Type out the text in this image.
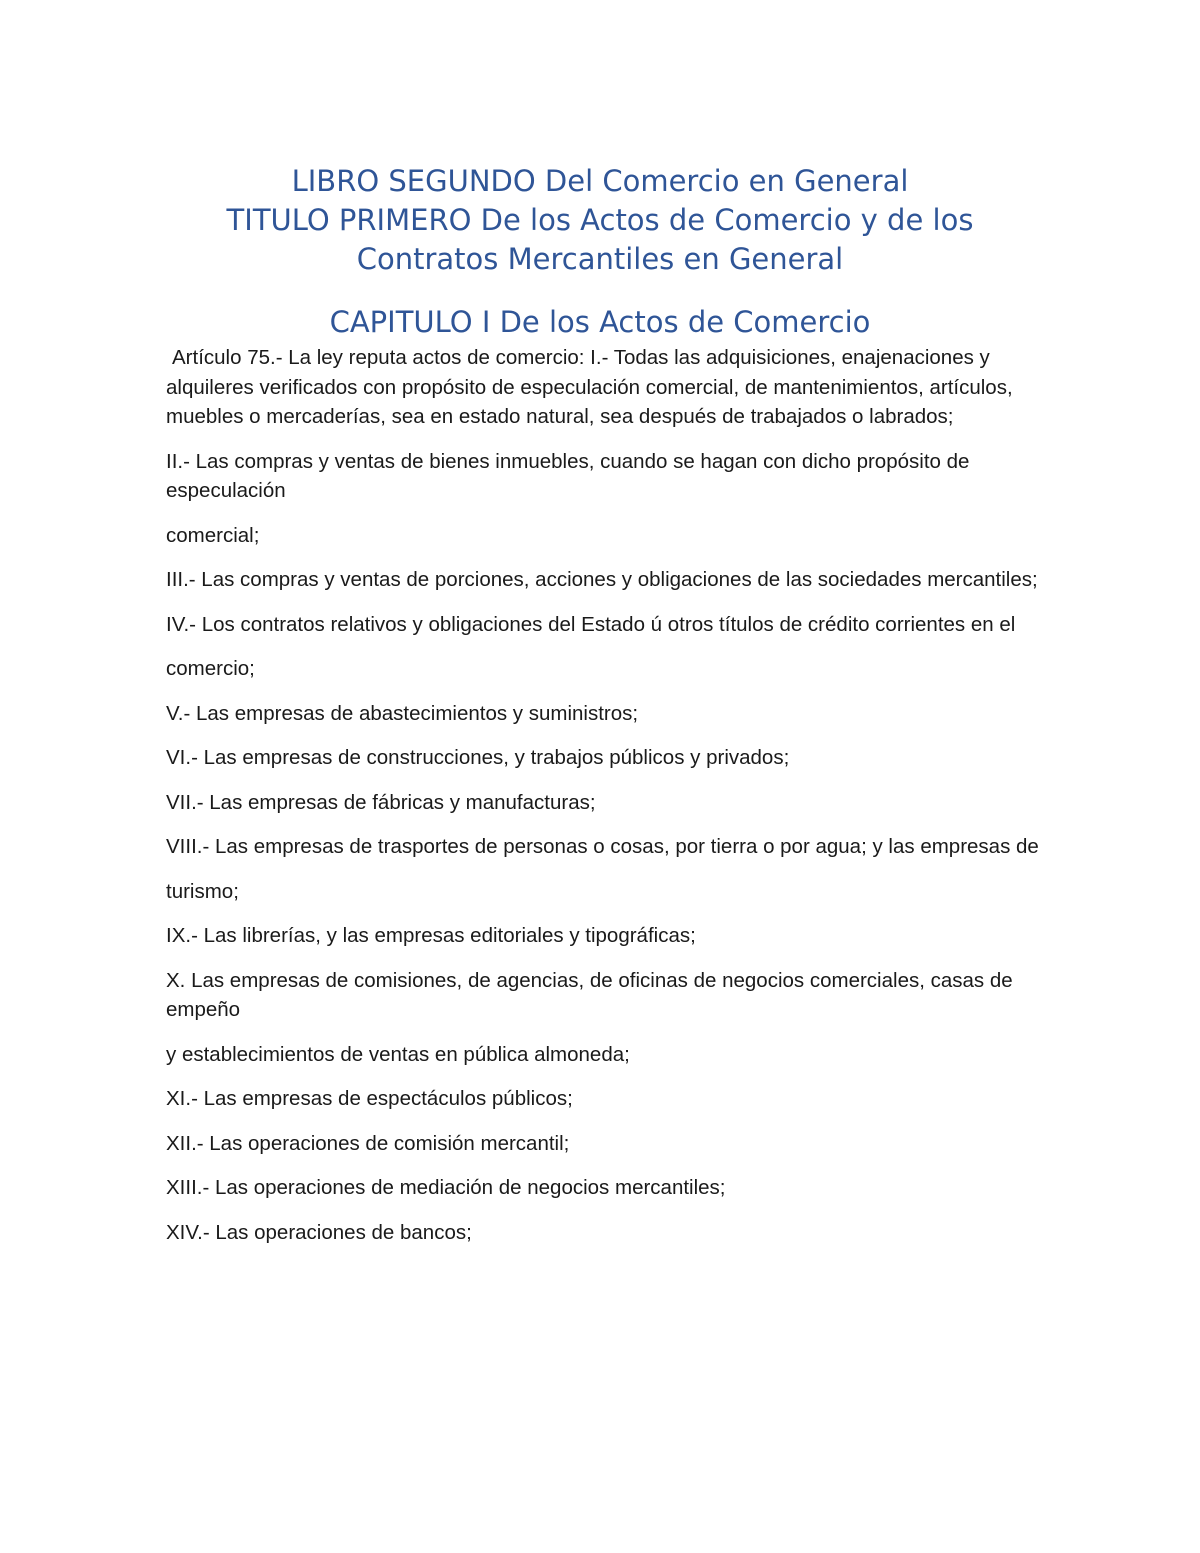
LIBRO SEGUNDO Del Comercio en General

TITULO PRIMERO De los Actos de Comercio y de los

Contratos Mercantiles en General

CAPITULO I De los Actos de Comercio

Artículo 75.- La ley reputa actos de comercio: I.- Todas las adquisiciones, enajenaciones y alquileres verificados con propósito de especulación comercial, de mantenimientos, artículos, muebles o mercaderías, sea en estado natural, sea después de trabajados o labrados;

II.- Las compras y ventas de bienes inmuebles, cuando se hagan con dicho propósito de especulación

comercial;

III.- Las compras y ventas de porciones, acciones y obligaciones de las sociedades mercantiles;

IV.- Los contratos relativos y obligaciones del Estado ú otros títulos de crédito corrientes en el

comercio;

V.- Las empresas de abastecimientos y suministros;

VI.- Las empresas de construcciones, y trabajos públicos y privados;

VII.- Las empresas de fábricas y manufacturas;

VIII.- Las empresas de trasportes de personas o cosas, por tierra o por agua; y las empresas de

turismo;

IX.- Las librerías, y las empresas editoriales y tipográficas;

X. Las empresas de comisiones, de agencias, de oficinas de negocios comerciales, casas de empeño

y establecimientos de ventas en pública almoneda;

XI.- Las empresas de espectáculos públicos;

XII.- Las operaciones de comisión mercantil;

XIII.- Las operaciones de mediación de negocios mercantiles;

XIV.- Las operaciones de bancos;
